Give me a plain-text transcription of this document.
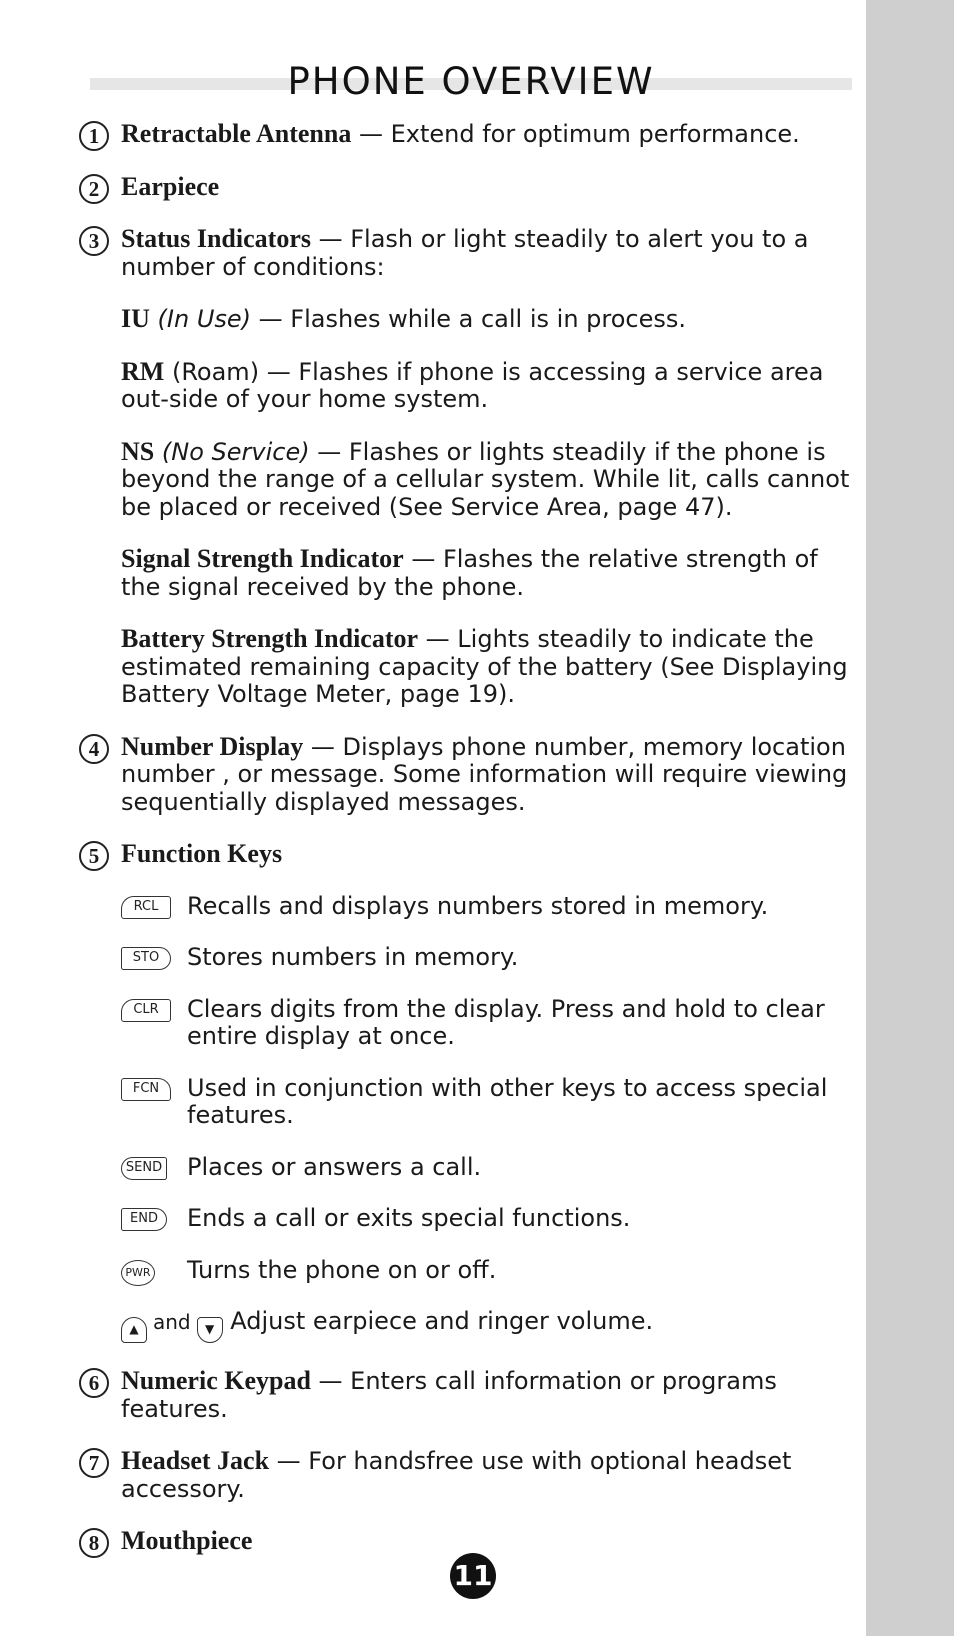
PHONE OVERVIEW
1 Retractable Antenna — Extend for optimum performance.
2 Earpiece
3 Status Indicators — Flash or light steadily to alert you to a number of conditions:
IU (In Use) — Flashes while a call is in process.
RM (Roam) — Flashes if phone is accessing a service area out-side of your home system.
NS (No Service) — Flashes or lights steadily if the phone is beyond the range of a cellular system. While lit, calls cannot be placed or received (See Service Area, page 47).
Signal Strength Indicator — Flashes the relative strength of the signal received by the phone.
Battery Strength Indicator — Lights steadily to indicate the estimated remaining capacity of the battery (See Displaying Battery Voltage Meter, page 19).
4 Number Display — Displays phone number, memory location number , or message. Some information will require viewing sequentially displayed messages.
5 Function Keys
RCL	Recalls and displays numbers stored in memory.
STO	Stores numbers in memory.
CLR	Clears digits from the display. Press and hold to clear entire display at once.
FCN	Used in conjunction with other keys to access special features.
SEND Places or answers a call.
END	Ends a call or exits special functions.
PWR Turns the phone on or off.
▲ and ▼ Adjust earpiece and ringer volume.
6 Numeric Keypad — Enters call information or programs features.
7 Headset Jack — For handsfree use with optional headset accessory.
8 Mouthpiece
11
